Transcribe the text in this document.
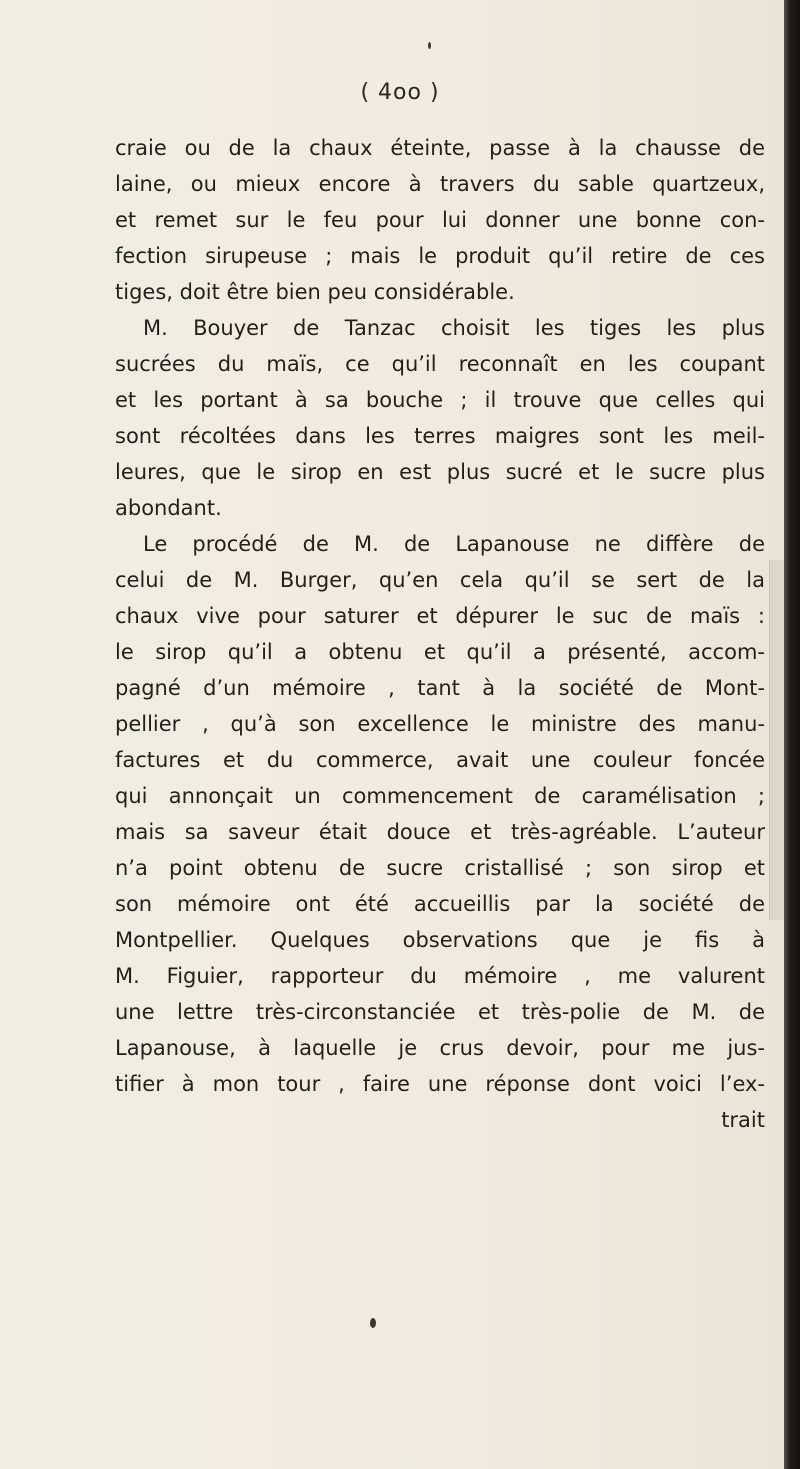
( 4oo )
craie ou de la chaux éteinte, passe à la chausse de
laine, ou mieux encore à travers du sable quartzeux,
et remet sur le feu pour lui donner une bonne con-
fection sirupeuse ; mais le produit qu’il retire de ces
tiges, doit être bien peu considérable.
M. Bouyer de Tanzac choisit les tiges les plus
sucrées du maïs, ce qu’il reconnaît en les coupant
et les portant à sa bouche ; il trouve que celles qui
sont récoltées dans les terres maigres sont les meil-
leures, que le sirop en est plus sucré et le sucre plus
abondant.
Le procédé de M. de Lapanouse ne diffère de
celui de M. Burger, qu’en cela qu’il se sert de la
chaux vive pour saturer et dépurer le suc de maïs :
le sirop qu’il a obtenu et qu’il a présenté, accom-
pagné d’un mémoire , tant à la société de Mont-
pellier , qu’à son excellence le ministre des manu-
factures et du commerce, avait une couleur foncée
qui annonçait un commencement de caramélisation ;
mais sa saveur était douce et très-agréable. L’auteur
n’a point obtenu de sucre cristallisé ; son sirop et
son mémoire ont été accueillis par la société de
Montpellier. Quelques observations que je fis à
M. Figuier, rapporteur du mémoire , me valurent
une lettre très-circonstanciée et très-polie de M. de
Lapanouse, à laquelle je crus devoir, pour me jus-
tifier à mon tour , faire une réponse dont voici l’ex-
trait
